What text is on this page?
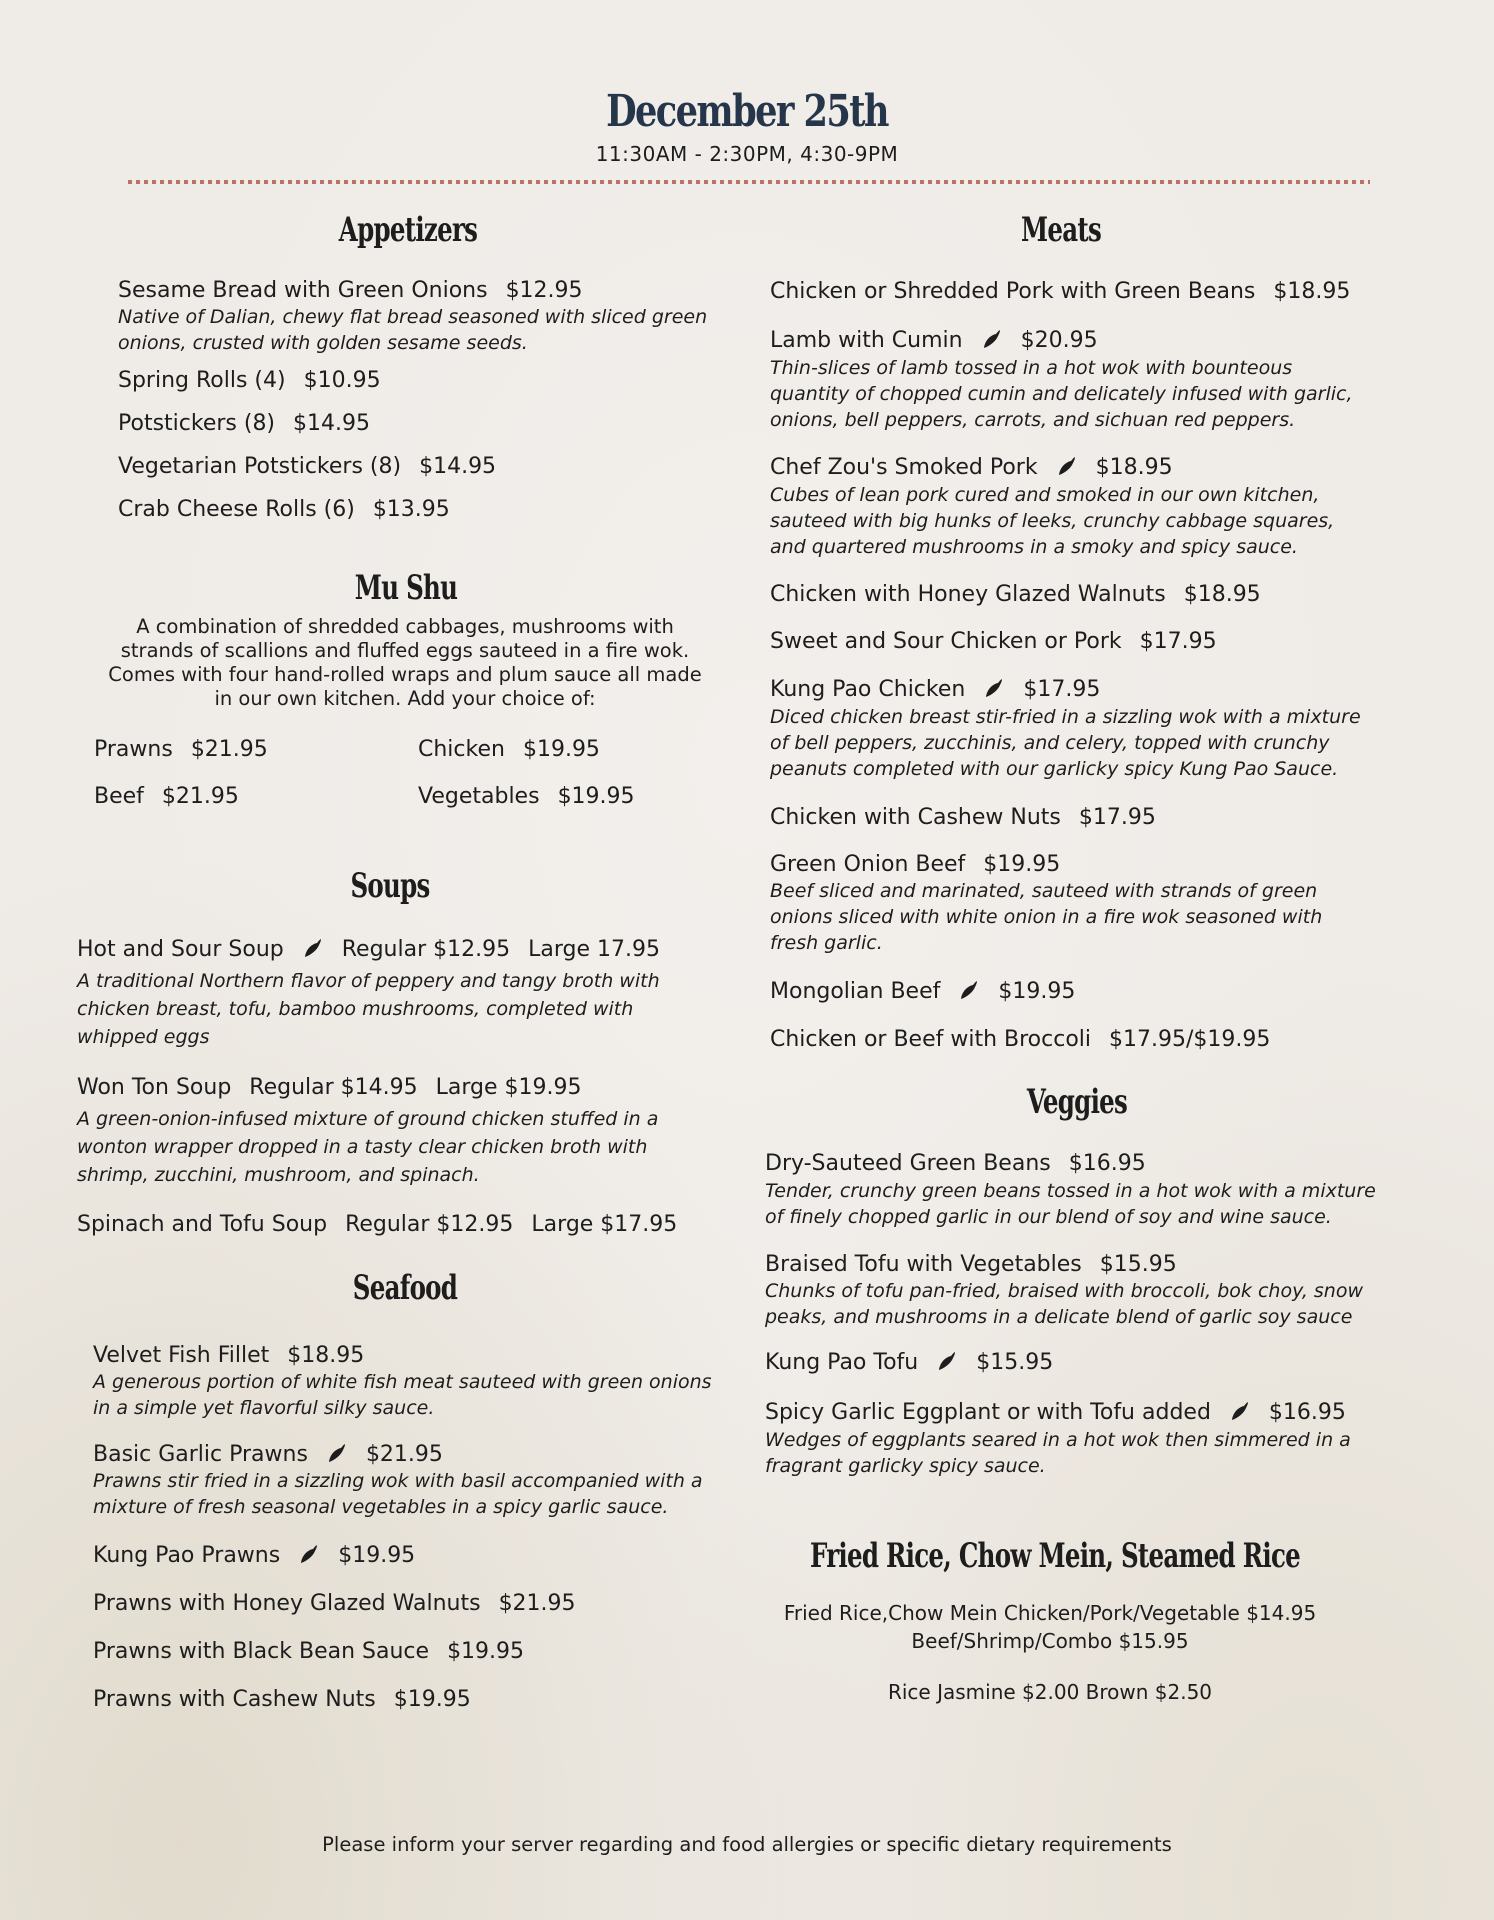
December 25th
11:30AM - 2:30PM, 4:30-9PM
Appetizers
Sesame Bread with Green Onions $12.95
Native of Dalian, chewy flat bread seasoned with sliced green onions, crusted with golden sesame seeds.
Spring Rolls (4) $10.95
Potstickers (8) $14.95
Vegetarian Potstickers (8) $14.95
Crab Cheese Rolls (6) $13.95
Mu Shu
A combination of shredded cabbages, mushrooms with strands of scallions and fluffed eggs sauteed in a fire wok. Comes with four hand-rolled wraps and plum sauce all made in our own kitchen. Add your choice of:
Prawns $21.95	Chicken $19.95
Beef $21.95	Vegetables $19.95
Soups
Hot and Sour Soup	Regular $12.95 Large 17.95
A traditional Northern flavor of peppery and tangy broth with chicken breast, tofu, bamboo mushrooms, completed with whipped eggs
Won Ton Soup Regular $14.95 Large $19.95
A green-onion-infused mixture of ground chicken stuffed in a wonton wrapper dropped in a tasty clear chicken broth with shrimp, zucchini, mushroom, and spinach.
Spinach and Tofu Soup Regular $12.95 Large $17.95
Seafood
Velvet Fish Fillet $18.95
A generous portion of white fish meat sauteed with green onions in a simple yet flavorful silky sauce.
Basic Garlic Prawns	$21.95
Prawns stir fried in a sizzling wok with basil accompanied with a mixture of fresh seasonal vegetables in a spicy garlic sauce.
Kung Pao Prawns	$19.95
Prawns with Honey Glazed Walnuts $21.95
Prawns with Black Bean Sauce $19.95
Prawns with Cashew Nuts $19.95
Meats
Chicken or Shredded Pork with Green Beans $18.95
Lamb with Cumin	$20.95
Thin-slices of lamb tossed in a hot wok with bounteous quantity of chopped cumin and delicately infused with garlic, onions, bell peppers, carrots, and sichuan red peppers.
Chef Zou's Smoked Pork	$18.95
Cubes of lean pork cured and smoked in our own kitchen, sauteed with big hunks of leeks, crunchy cabbage squares, and quartered mushrooms in a smoky and spicy sauce.
Chicken with Honey Glazed Walnuts $18.95
Sweet and Sour Chicken or Pork $17.95
Kung Pao Chicken	$17.95
Diced chicken breast stir-fried in a sizzling wok with a mixture of bell peppers, zucchinis, and celery, topped with crunchy peanuts completed with our garlicky spicy Kung Pao Sauce.
Chicken with Cashew Nuts $17.95
Green Onion Beef $19.95
Beef sliced and marinated, sauteed with strands of green onions sliced with white onion in a fire wok seasoned with fresh garlic.
Mongolian Beef	$19.95
Chicken or Beef with Broccoli $17.95/$19.95
Veggies
Dry-Sauteed Green Beans $16.95
Tender, crunchy green beans tossed in a hot wok with a mixture of finely chopped garlic in our blend of soy and wine sauce.
Braised Tofu with Vegetables $15.95
Chunks of tofu pan-fried, braised with broccoli, bok choy, snow peaks, and mushrooms in a delicate blend of garlic soy sauce
Kung Pao Tofu	$15.95
Spicy Garlic Eggplant or with Tofu added	$16.95
Wedges of eggplants seared in a hot wok then simmered in a fragrant garlicky spicy sauce.
Fried Rice, Chow Mein, Steamed Rice
Fried Rice,Chow Mein Chicken/Pork/Vegetable $14.95
Beef/Shrimp/Combo $15.95
Rice Jasmine $2.00 Brown $2.50
Please inform your server regarding and food allergies or specific dietary requirements
